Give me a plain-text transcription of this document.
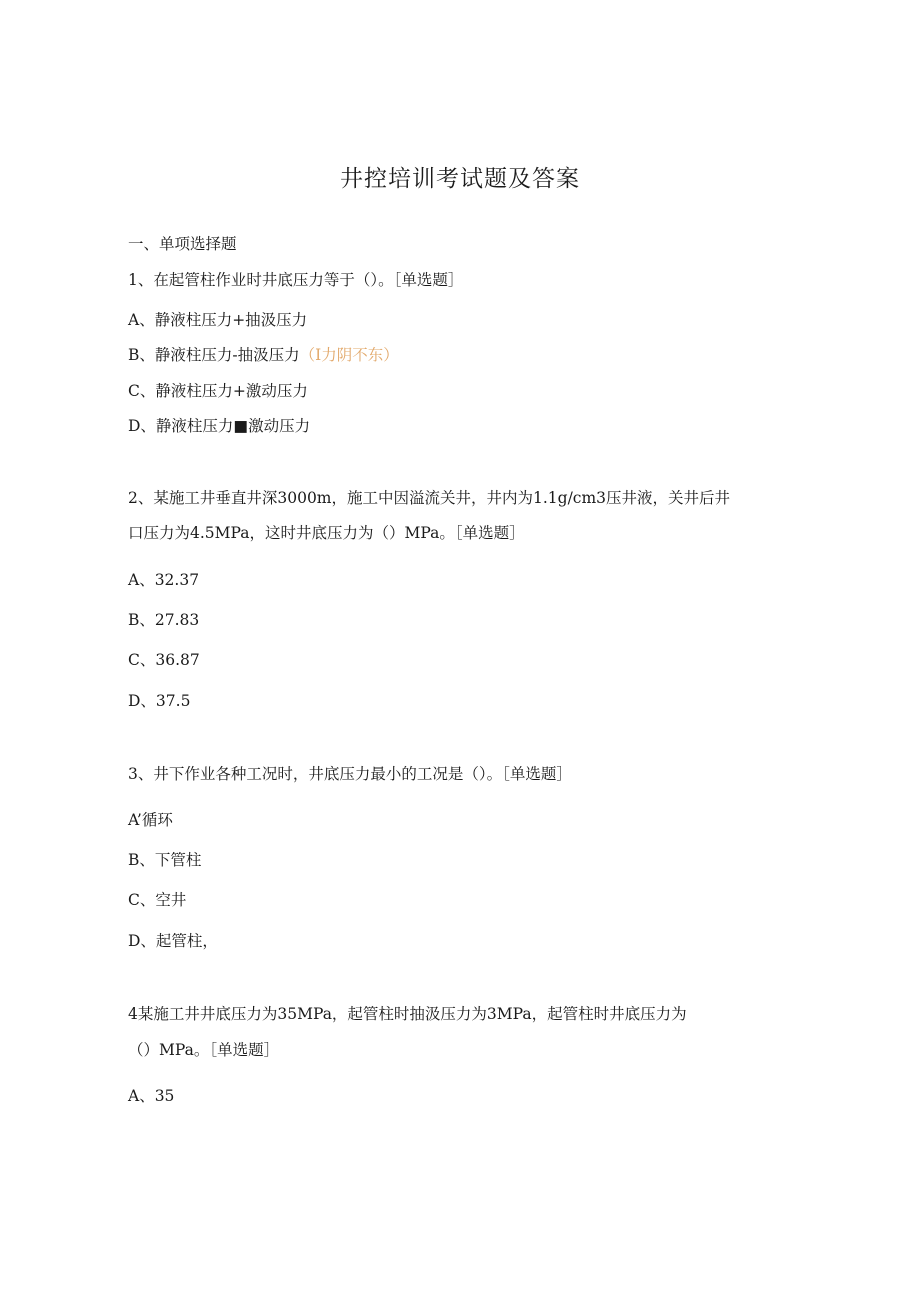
井控培训考试题及答案
一、单项选择题
1、在起管柱作业时井底压力等于（）。［单选题］
A、静液柱压力+抽汲压力
B、静液柱压力-抽汲压力（I力阴不东）
C、静液柱压力+激动压力
D、静液柱压力■激动压力
2、某施工井垂直井深3000m，施工中因溢流关井，井内为1.1g/cm3压井液，关井后井
口压力为4.5MPa，这时井底压力为（）MPa。［单选题］
A、32.37
B、27.83
C、36.87
D、37.5
3、井下作业各种工况时，井底压力最小的工况是（）。［单选题］
A’循环
B、下管柱
C、空井
D、起管柱，
4某施工井井底压力为35MPa，起管柱时抽汲压力为3MPa，起管柱时井底压力为
（）MPa。［单选题］
A、35
